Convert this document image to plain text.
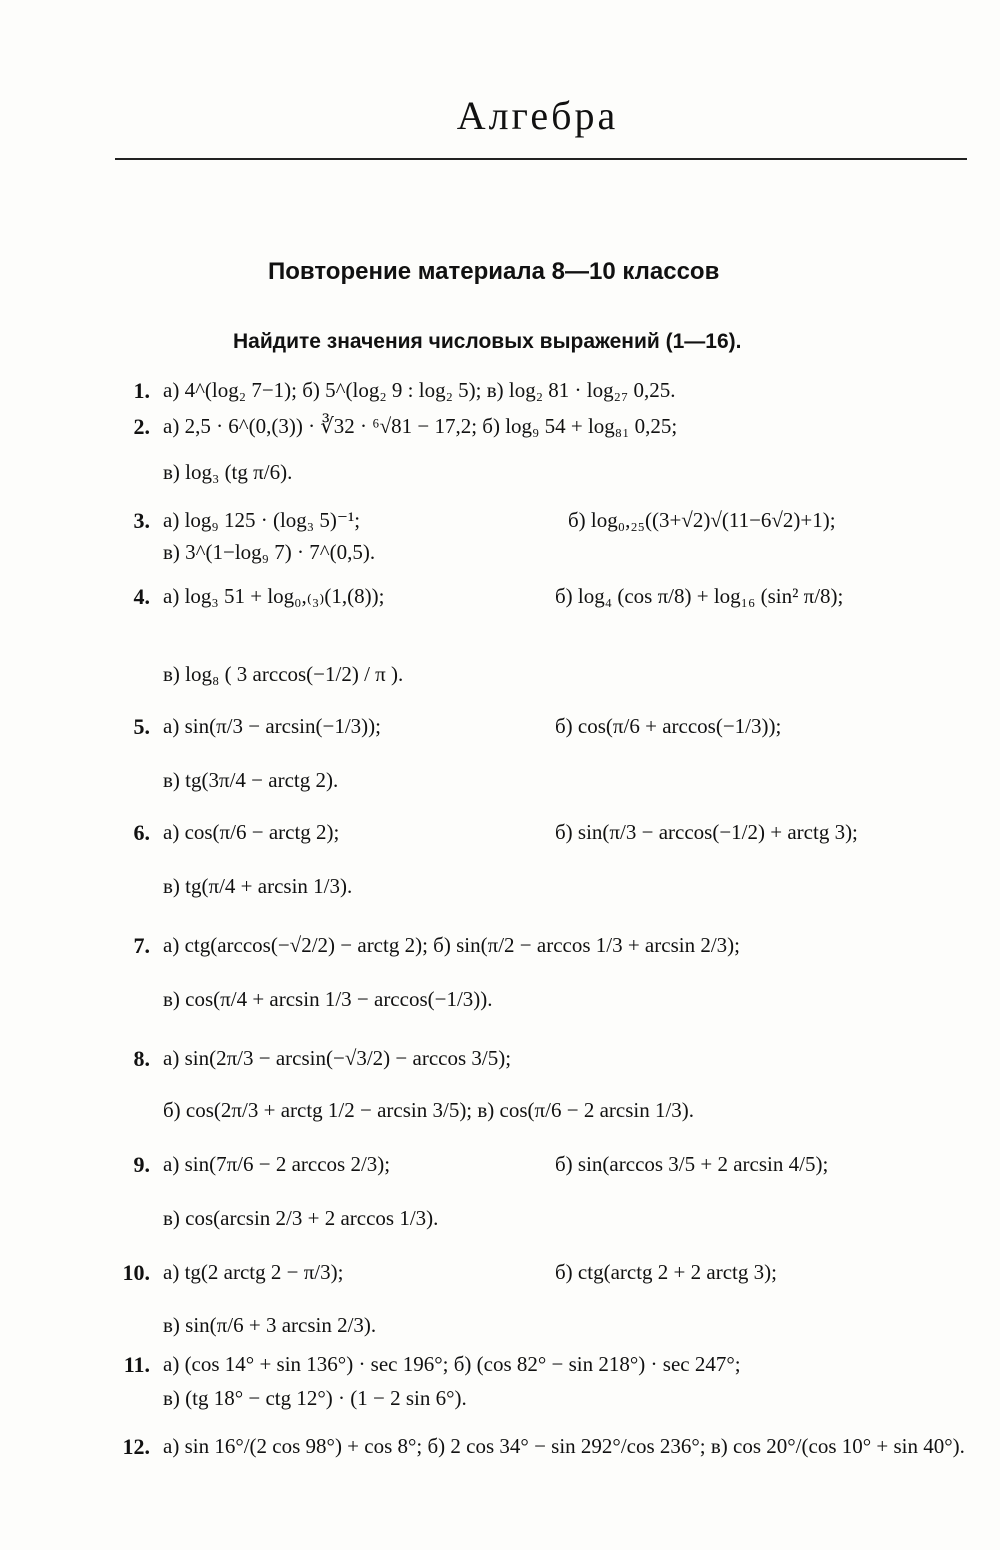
Алгебра
Повторение материала 8—10 классов
Найдите значения числовых выражений (1—16).
1. а) 4^(log₂ 7−1); б) 5^(log₂ 9 : log₂ 5); в) log₂ 81 · log₂₇ 0,25.
2. а) 2,5 · 6^(0,(3)) · ∛32 · ⁶√81 − 17,2; б) log₉ 54 + log₈₁ 0,25;
в) log₃ (tg π/6).
3. а) log₉ 125 · (log₃ 5)⁻¹;	б) log₀,₂₅((3+√2)√(11−6√2)+1);
в) 3^(1−log₉ 7) · 7^(0,5).
4. а) log₃ 51 + log₀,₍₃₎(1,(8));	б) log₄ (cos π/8) + log₁₆ (sin² π/8);
в) log₈ ( 3 arccos(−1/2) / π ).
5. а) sin(π/3 − arcsin(−1/3));	б) cos(π/6 + arccos(−1/3));
в) tg(3π/4 − arctg 2).
6. а) cos(π/6 − arctg 2);	б) sin(π/3 − arccos(−1/2) + arctg 3);
в) tg(π/4 + arcsin 1/3).
7. а) ctg(arccos(−√2/2) − arctg 2); б) sin(π/2 − arccos 1/3 + arcsin 2/3);
в) cos(π/4 + arcsin 1/3 − arccos(−1/3)).
8. а) sin(2π/3 − arcsin(−√3/2) − arccos 3/5);
б) cos(2π/3 + arctg 1/2 − arcsin 3/5); в) cos(π/6 − 2 arcsin 1/3).
9. а) sin(7π/6 − 2 arccos 2/3);	б) sin(arccos 3/5 + 2 arcsin 4/5);
в) cos(arcsin 2/3 + 2 arccos 1/3).
10. а) tg(2 arctg 2 − π/3);	б) ctg(arctg 2 + 2 arctg 3);
в) sin(π/6 + 3 arcsin 2/3).
11. а) (cos 14° + sin 136°) · sec 196°; б) (cos 82° − sin 218°) · sec 247°;
в) (tg 18° − ctg 12°) · (1 − 2 sin 6°).
12. а) sin 16°/(2 cos 98°) + cos 8°; б) 2 cos 34° − sin 292°/cos 236°; в) cos 20°/(cos 10° + sin 40°).
